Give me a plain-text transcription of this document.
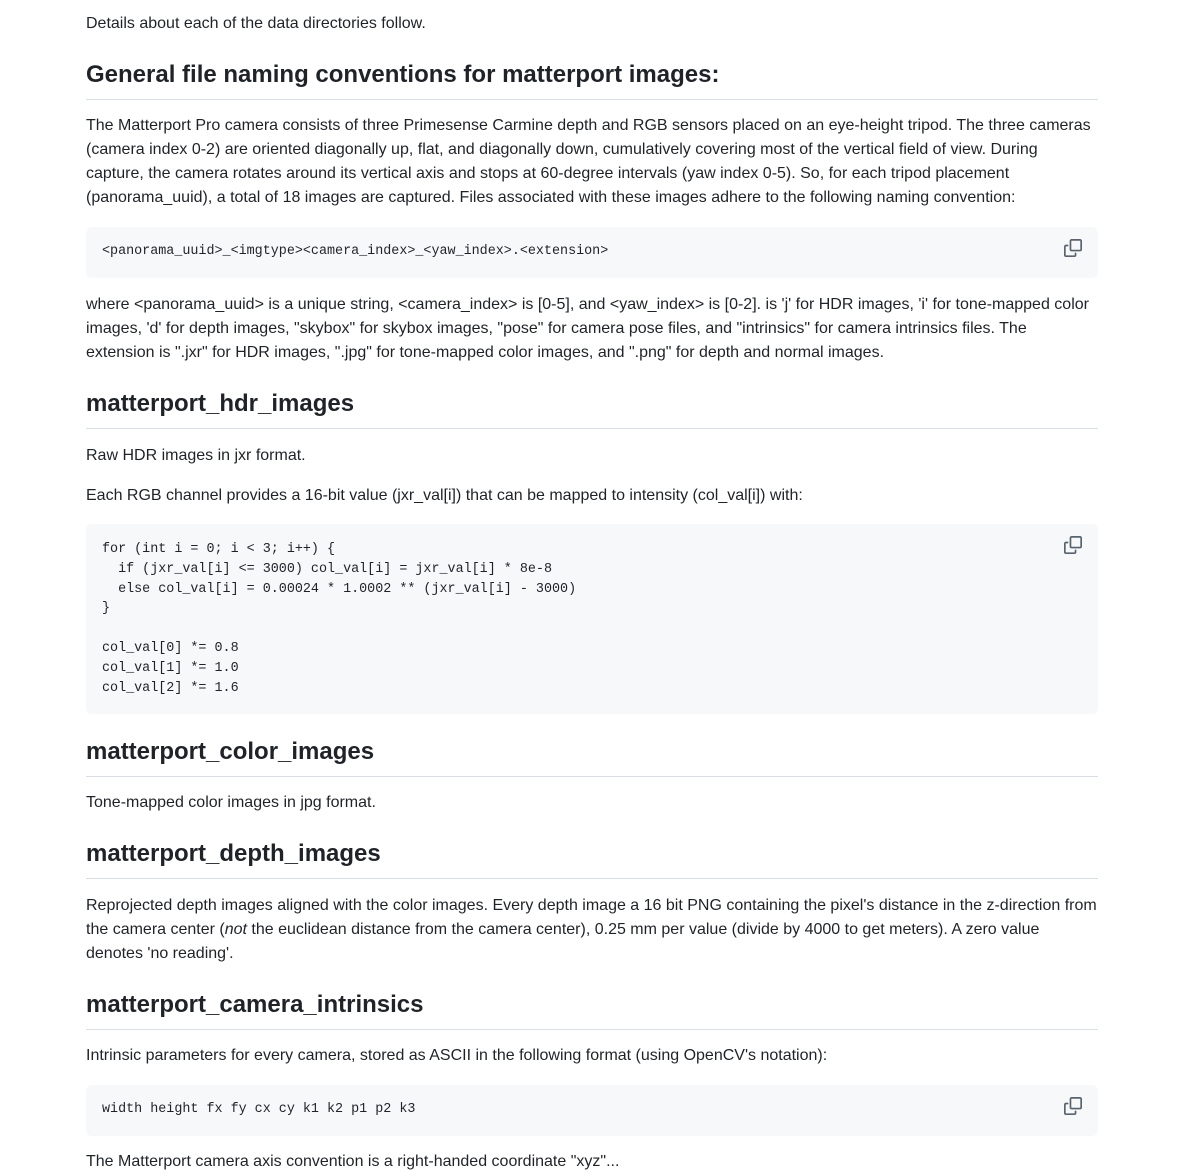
Details about each of the data directories follow.

General file naming conventions for matterport images:

The Matterport Pro camera consists of three Primesense Carmine depth and RGB sensors placed on an eye-height tripod. The three cameras (camera index 0-2) are oriented diagonally up, flat, and diagonally down, cumulatively covering most of the vertical field of view. During capture, the camera rotates around its vertical axis and stops at 60-degree intervals (yaw index 0-5). So, for each tripod placement (panorama_uuid), a total of 18 images are captured. Files associated with these images adhere to the following naming convention:

<panorama_uuid>_<imgtype><camera_index>_<yaw_index>.<extension>

where <panorama_uuid> is a unique string, <camera_index> is [0-5], and <yaw_index> is [0-2]. is 'j' for HDR images, 'i' for tone-mapped color images, 'd' for depth images, "skybox" for skybox images, "pose" for camera pose files, and "intrinsics" for camera intrinsics files. The extension is ".jxr" for HDR images, ".jpg" for tone-mapped color images, and ".png" for depth and normal images.

matterport_hdr_images

Raw HDR images in jxr format.

Each RGB channel provides a 16-bit value (jxr_val[i]) that can be mapped to intensity (col_val[i]) with:

for (int i = 0; i < 3; i++) {
if (jxr_val[i] <= 3000) col_val[i] = jxr_val[i] * 8e-8
else col_val[i] = 0.00024 * 1.0002 ** (jxr_val[i] - 3000)
}

col_val[0] *= 0.8
col_val[1] *= 1.0
col_val[2] *= 1.6
matterport_color_images

Tone-mapped color images in jpg format.

matterport_depth_images

Reprojected depth images aligned with the color images. Every depth image a 16 bit PNG containing the pixel's distance in the z-direction from the camera center (not the euclidean distance from the camera center), 0.25 mm per value (divide by 4000 to get meters). A zero value denotes 'no reading'.

matterport_camera_intrinsics

Intrinsic parameters for every camera, stored as ASCII in the following format (using OpenCV's notation):

width height fx fy cx cy k1 k2 p1 p2 k3

The Matterport camera axis convention is a right-handed coordinate "xyz"...
